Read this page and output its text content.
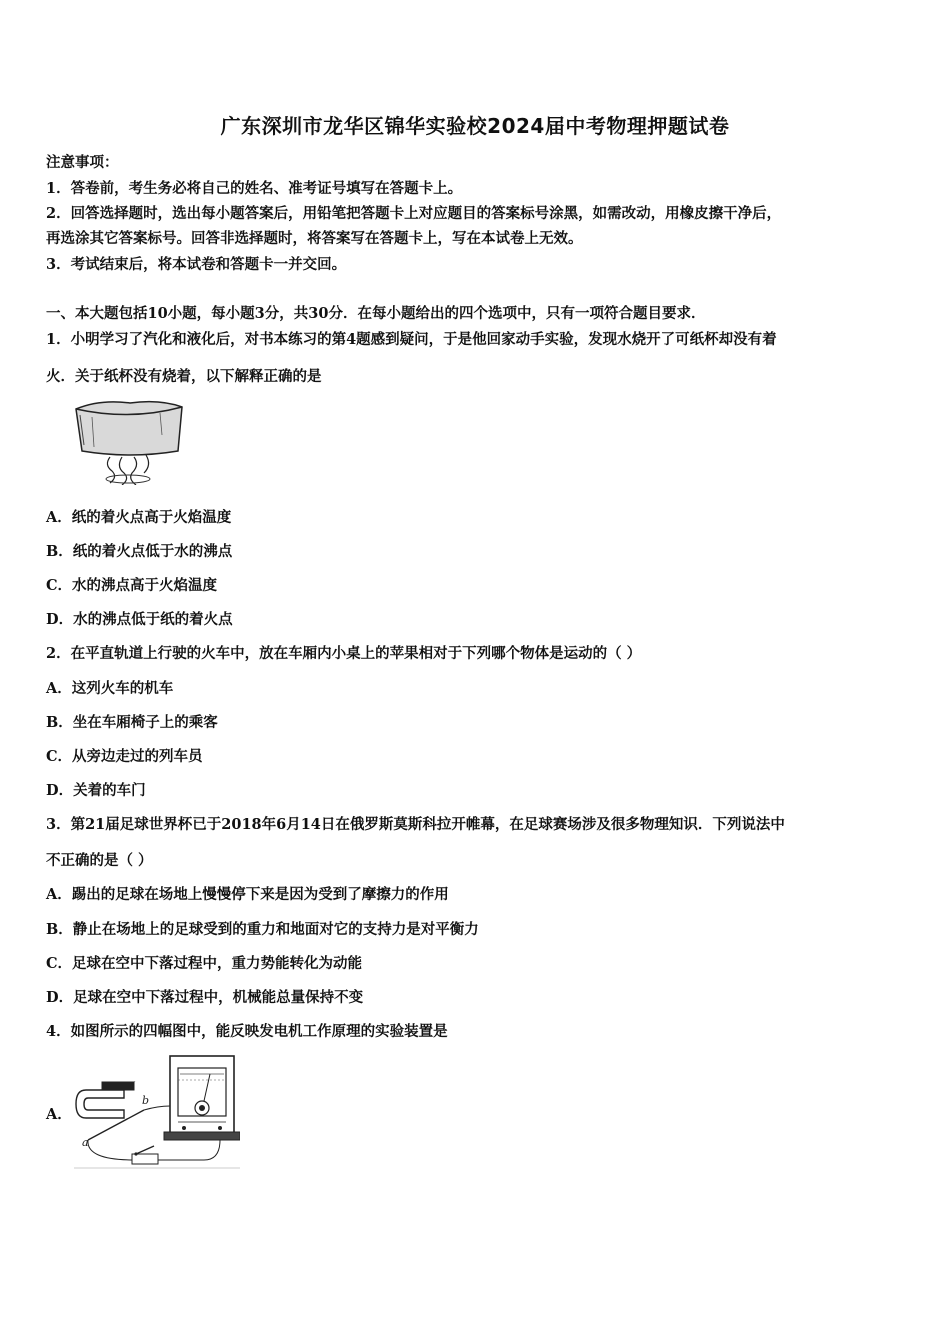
广东深圳市龙华区锦华实验校2024届中考物理押题试卷
注意事项：
1．答卷前，考生务必将自己的姓名、准考证号填写在答题卡上。
2．回答选择题时，选出每小题答案后，用铅笔把答题卡上对应题目的答案标号涂黑，如需改动，用橡皮擦干净后，
再选涂其它答案标号。回答非选择题时，将答案写在答题卡上，写在本试卷上无效。
3．考试结束后，将本试卷和答题卡一并交回。
一、本大题包括10小题，每小题3分，共30分．在每小题给出的四个选项中，只有一项符合题目要求．
1．小明学习了汽化和液化后，对书本练习的第4题感到疑问，于是他回家动手实验，发现水烧开了可纸杯却没有着
火．关于纸杯没有烧着，以下解释正确的是
A．纸的着火点高于火焰温度
B．纸的着火点低于水的沸点
C．水的沸点高于火焰温度
D．水的沸点低于纸的着火点
2．在平直轨道上行驶的火车中，放在车厢内小桌上的苹果相对于下列哪个物体是运动的（ ）
A．这列火车的机车
B．坐在车厢椅子上的乘客
C．从旁边走过的列车员
D．关着的车门
3．第21届足球世界杯已于2018年6月14日在俄罗斯莫斯科拉开帷幕，在足球赛场涉及很多物理知识．下列说法中
不正确的是（ ）
A．踢出的足球在场地上慢慢停下来是因为受到了摩擦力的作用
B．静止在场地上的足球受到的重力和地面对它的支持力是对平衡力
C．足球在空中下落过程中，重力势能转化为动能
D．足球在空中下落过程中，机械能总量保持不变
4．如图所示的四幅图中，能反映发电机工作原理的实验装置是
A．
a
b
